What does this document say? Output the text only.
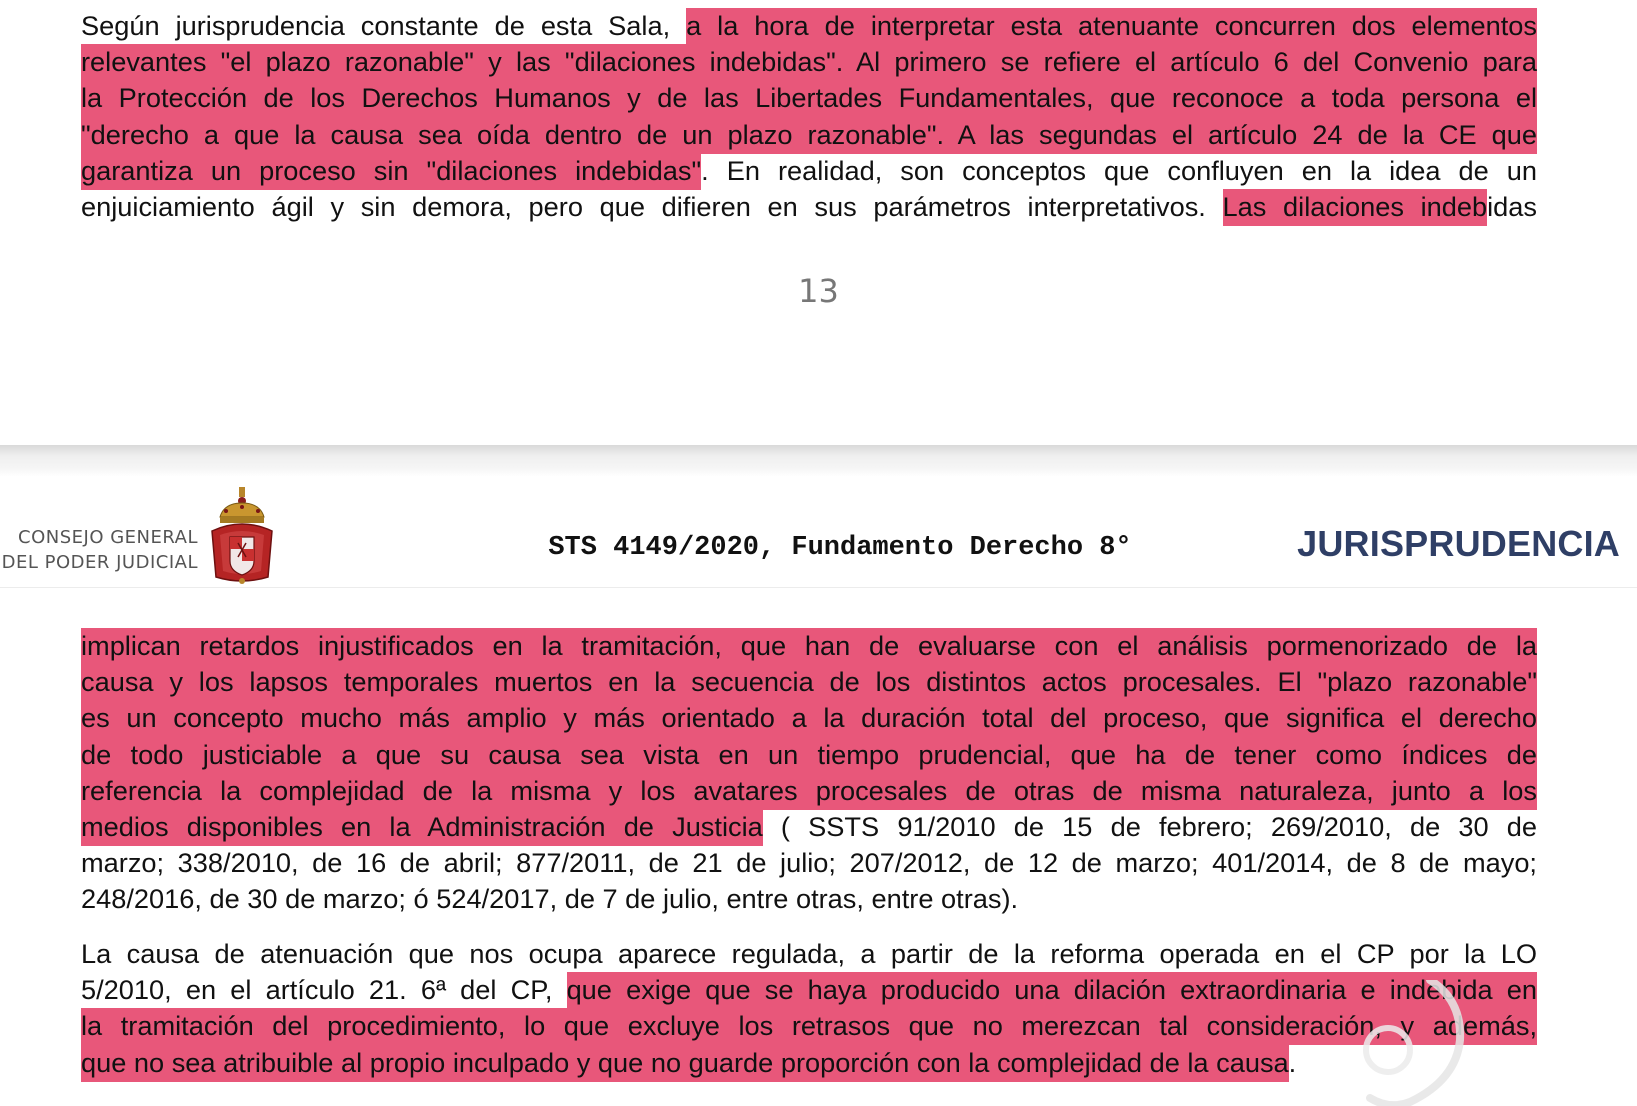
Según jurisprudencia constante de esta Sala, a la hora de interpretar esta atenuante concurren dos elementos
relevantes "el plazo razonable" y las "dilaciones indebidas". Al primero se refiere el artículo 6 del Convenio para
la Protección de los Derechos Humanos y de las Libertades Fundamentales, que reconoce a toda persona el
"derecho a que la causa sea oída dentro de un plazo razonable". A las segundas el artículo 24 de la CE que
garantiza un proceso sin "dilaciones indebidas". En realidad, son conceptos que confluyen en la idea de un
enjuiciamiento ágil y sin demora, pero que difieren en sus parámetros interpretativos. Las dilaciones indebidas
13
CONSEJO GENERAL
DEL PODER JUDICIAL	STS 4149/2020, Fundamento Derecho 8°	JURISPRUDENCIA
implican retardos injustificados en la tramitación, que han de evaluarse con el análisis pormenorizado de la
causa y los lapsos temporales muertos en la secuencia de los distintos actos procesales. El "plazo razonable"
es un concepto mucho más amplio y más orientado a la duración total del proceso, que significa el derecho
de todo justiciable a que su causa sea vista en un tiempo prudencial, que ha de tener como índices de
referencia la complejidad de la misma y los avatares procesales de otras de misma naturaleza, junto a los
medios disponibles en la Administración de Justicia ( SSTS 91/2010 de 15 de febrero; 269/2010, de 30 de
marzo; 338/2010, de 16 de abril; 877/2011, de 21 de julio; 207/2012, de 12 de marzo; 401/2014, de 8 de mayo;
248/2016, de 30 de marzo; ó 524/2017, de 7 de julio, entre otras, entre otras).
La causa de atenuación que nos ocupa aparece regulada, a partir de la reforma operada en el CP por la LO
5/2010, en el artículo 21. 6ª del CP, que exige que se haya producido una dilación extraordinaria e indebida en
la tramitación del procedimiento, lo que excluye los retrasos que no merezcan tal consideración, y además,
que no sea atribuible al propio inculpado y que no guarde proporción con la complejidad de la causa.
